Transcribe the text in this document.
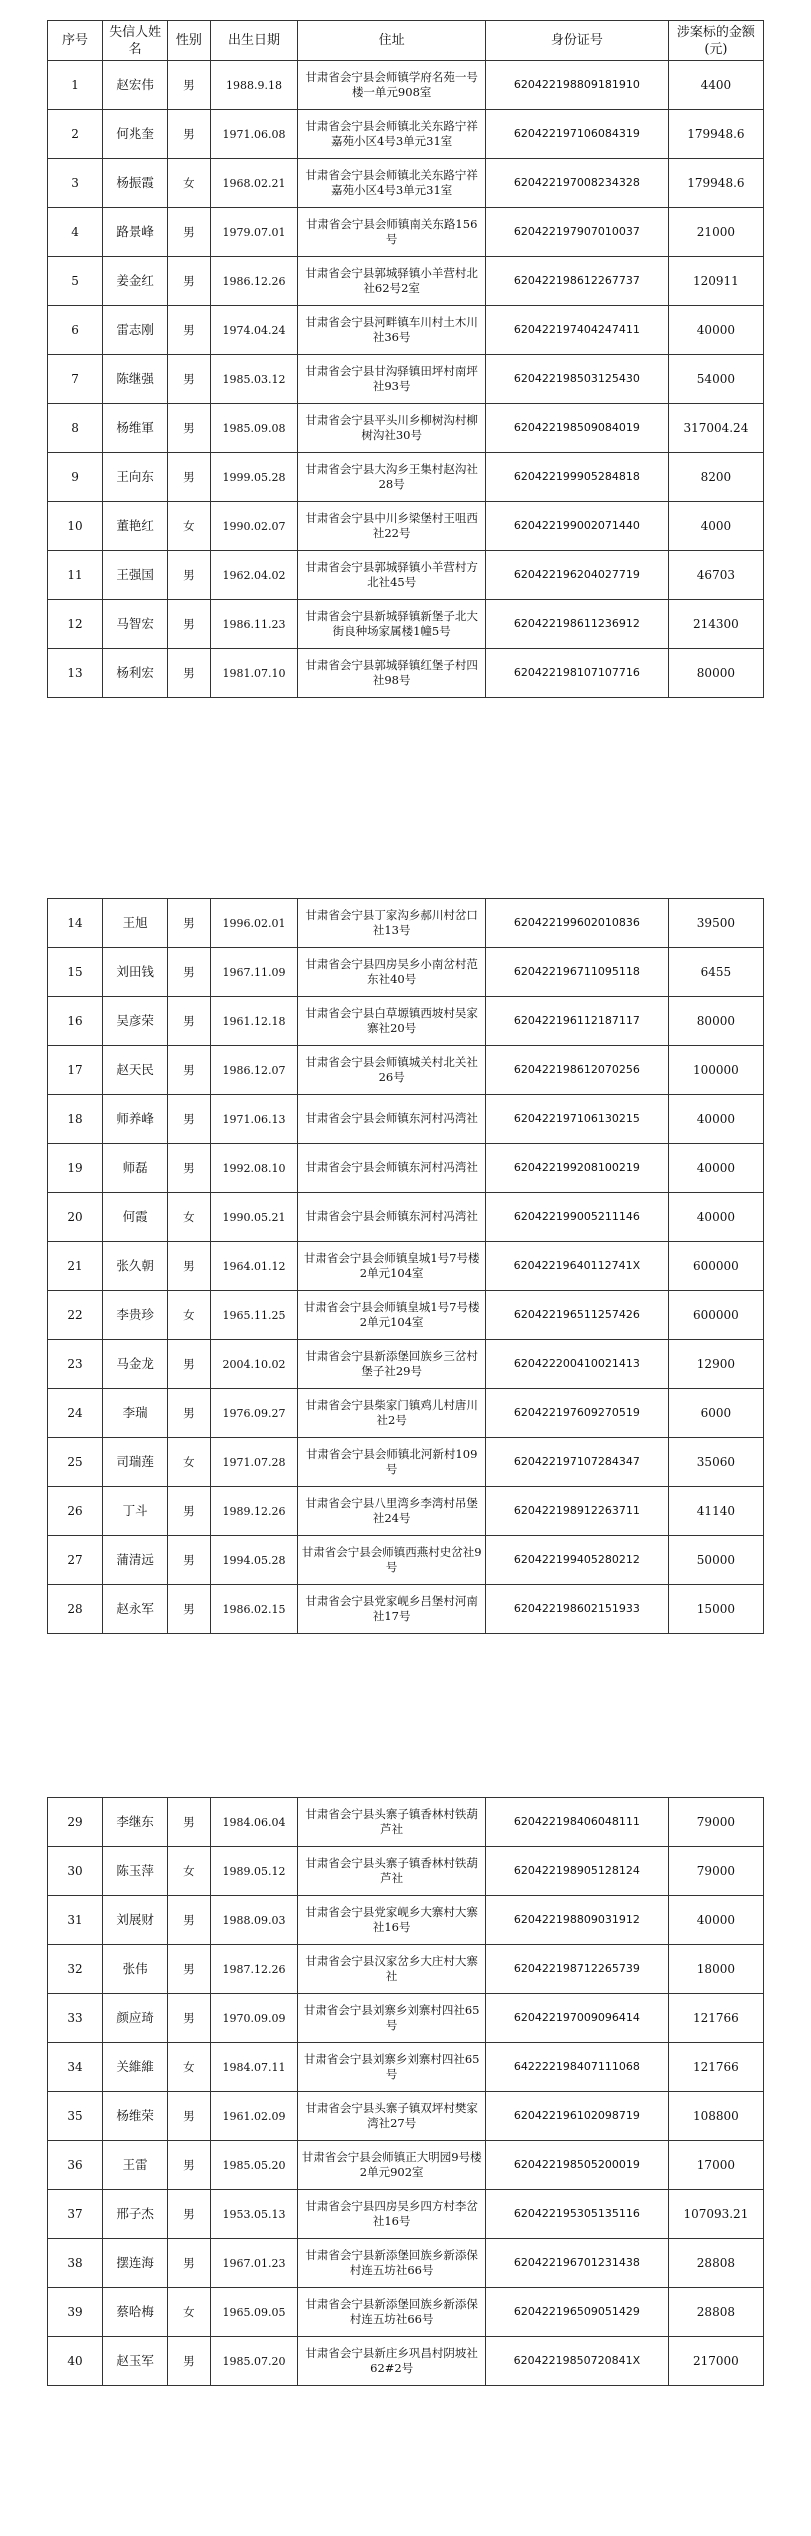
序号	失信人姓名	性别	出生日期	住址	身份证号	涉案标的金额(元)
1	赵宏伟	男	1988.9.18	甘肃省会宁县会师镇学府名苑一号楼一单元908室	620422198809181910	4400
2	何兆奎	男	1971.06.08	甘肃省会宁县会师镇北关东路宁祥嘉苑小区4号3单元31室	620422197106084319	179948.6
3	杨振霞	女	1968.02.21	甘肃省会宁县会师镇北关东路宁祥嘉苑小区4号3单元31室	620422197008234328	179948.6
4	路景峰	男	1979.07.01	甘肃省会宁县会师镇南关东路156号	620422197907010037	21000
5	姜金红	男	1986.12.26	甘肃省会宁县郭城驿镇小羊营村北社62号2室	620422198612267737	120911
6	雷志刚	男	1974.04.24	甘肃省会宁县河畔镇车川村土木川社36号	620422197404247411	40000
7	陈继强	男	1985.03.12	甘肃省会宁县甘沟驿镇田坪村南坪社93号	620422198503125430	54000
8	杨维軍	男	1985.09.08	甘肃省会宁县平头川乡柳树沟村柳树沟社30号	620422198509084019	317004.24
9	王向东	男	1999.05.28	甘肃省会宁县大沟乡王集村赵沟社28号	620422199905284818	8200
10	董艳红	女	1990.02.07	甘肃省会宁县中川乡梁堡村王咀西社22号	620422199002071440	4000
11	王强国	男	1962.04.02	甘肃省会宁县郭城驿镇小羊营村方北社45号	620422196204027719	46703
12	马智宏	男	1986.11.23	甘肃省会宁县新城驿镇新堡子北大街良种场家属楼1幢5号	620422198611236912	214300
13	杨利宏	男	1981.07.10	甘肃省会宁县郭城驿镇红堡子村四社98号	620422198107107716	80000
14	王旭	男	1996.02.01	甘肃省会宁县丁家沟乡郝川村岔口社13号	620422199602010836	39500
15	刘田钱	男	1967.11.09	甘肃省会宁县四房吴乡小南岔村范东社40号	620422196711095118	6455
16	吴彦荣	男	1961.12.18	甘肃省会宁县白草塬镇西坡村吴家寨社20号	620422196112187117	80000
17	赵天民	男	1986.12.07	甘肃省会宁县会师镇城关村北关社26号	620422198612070256	100000
18	师养峰	男	1971.06.13	甘肃省会宁县会师镇东河村冯湾社	620422197106130215	40000
19	师磊	男	1992.08.10	甘肃省会宁县会师镇东河村冯湾社	620422199208100219	40000
20	何霞	女	1990.05.21	甘肃省会宁县会师镇东河村冯湾社	620422199005211146	40000
21	张久朝	男	1964.01.12	甘肃省会宁县会师镇皇城1号7号楼2单元104室	62042219640112741X	600000
22	李贵珍	女	1965.11.25	甘肃省会宁县会师镇皇城1号7号楼2单元104室	620422196511257426	600000
23	马金龙	男	2004.10.02	甘肃省会宁县新添堡回族乡三岔村堡子社29号	620422200410021413	12900
24	李瑞	男	1976.09.27	甘肃省会宁县柴家门镇鸡儿村唐川社2号	620422197609270519	6000
25	司瑞莲	女	1971.07.28	甘肃省会宁县会师镇北河新村109号	620422197107284347	35060
26	丁斗	男	1989.12.26	甘肃省会宁县八里湾乡李湾村吊堡社24号	620422198912263711	41140
27	蒲清远	男	1994.05.28	甘肃省会宁县会师镇西燕村史岔社9号	620422199405280212	50000
28	赵永军	男	1986.02.15	甘肃省会宁县党家岘乡吕堡村河南社17号	620422198602151933	15000
29	李继东	男	1984.06.04	甘肃省会宁县头寨子镇香林村铁葫芦社	620422198406048111	79000
30	陈玉萍	女	1989.05.12	甘肃省会宁县头寨子镇香林村铁葫芦社	620422198905128124	79000
31	刘展财	男	1988.09.03	甘肃省会宁县党家岘乡大寨村大寨社16号	620422198809031912	40000
32	张伟	男	1987.12.26	甘肃省会宁县汉家岔乡大庄村大寨社	620422198712265739	18000
33	颜应琦	男	1970.09.09	甘肃省会宁县刘寨乡刘寨村四社65号	620422197009096414	121766
34	关維維	女	1984.07.11	甘肃省会宁县刘寨乡刘寨村四社65号	642222198407111068	121766
35	杨维荣	男	1961.02.09	甘肃省会宁县头寨子镇双坪村樊家湾社27号	620422196102098719	108800
36	王雷	男	1985.05.20	甘肃省会宁县会师镇正大明园9号楼2单元902室	620422198505200019	17000
37	邢子杰	男	1953.05.13	甘肃省会宁县四房吴乡四方村李岔社16号	620422195305135116	107093.21
38	摆连海	男	1967.01.23	甘肃省会宁县新添堡回族乡新添保村连五坊社66号	620422196701231438	28808
39	蔡哈梅	女	1965.09.05	甘肃省会宁县新添堡回族乡新添保村连五坊社66号	620422196509051429	28808
40	赵玉军	男	1985.07.20	甘肃省会宁县新庄乡巩昌村阴坡社62#2号	62042219850720841X	217000
